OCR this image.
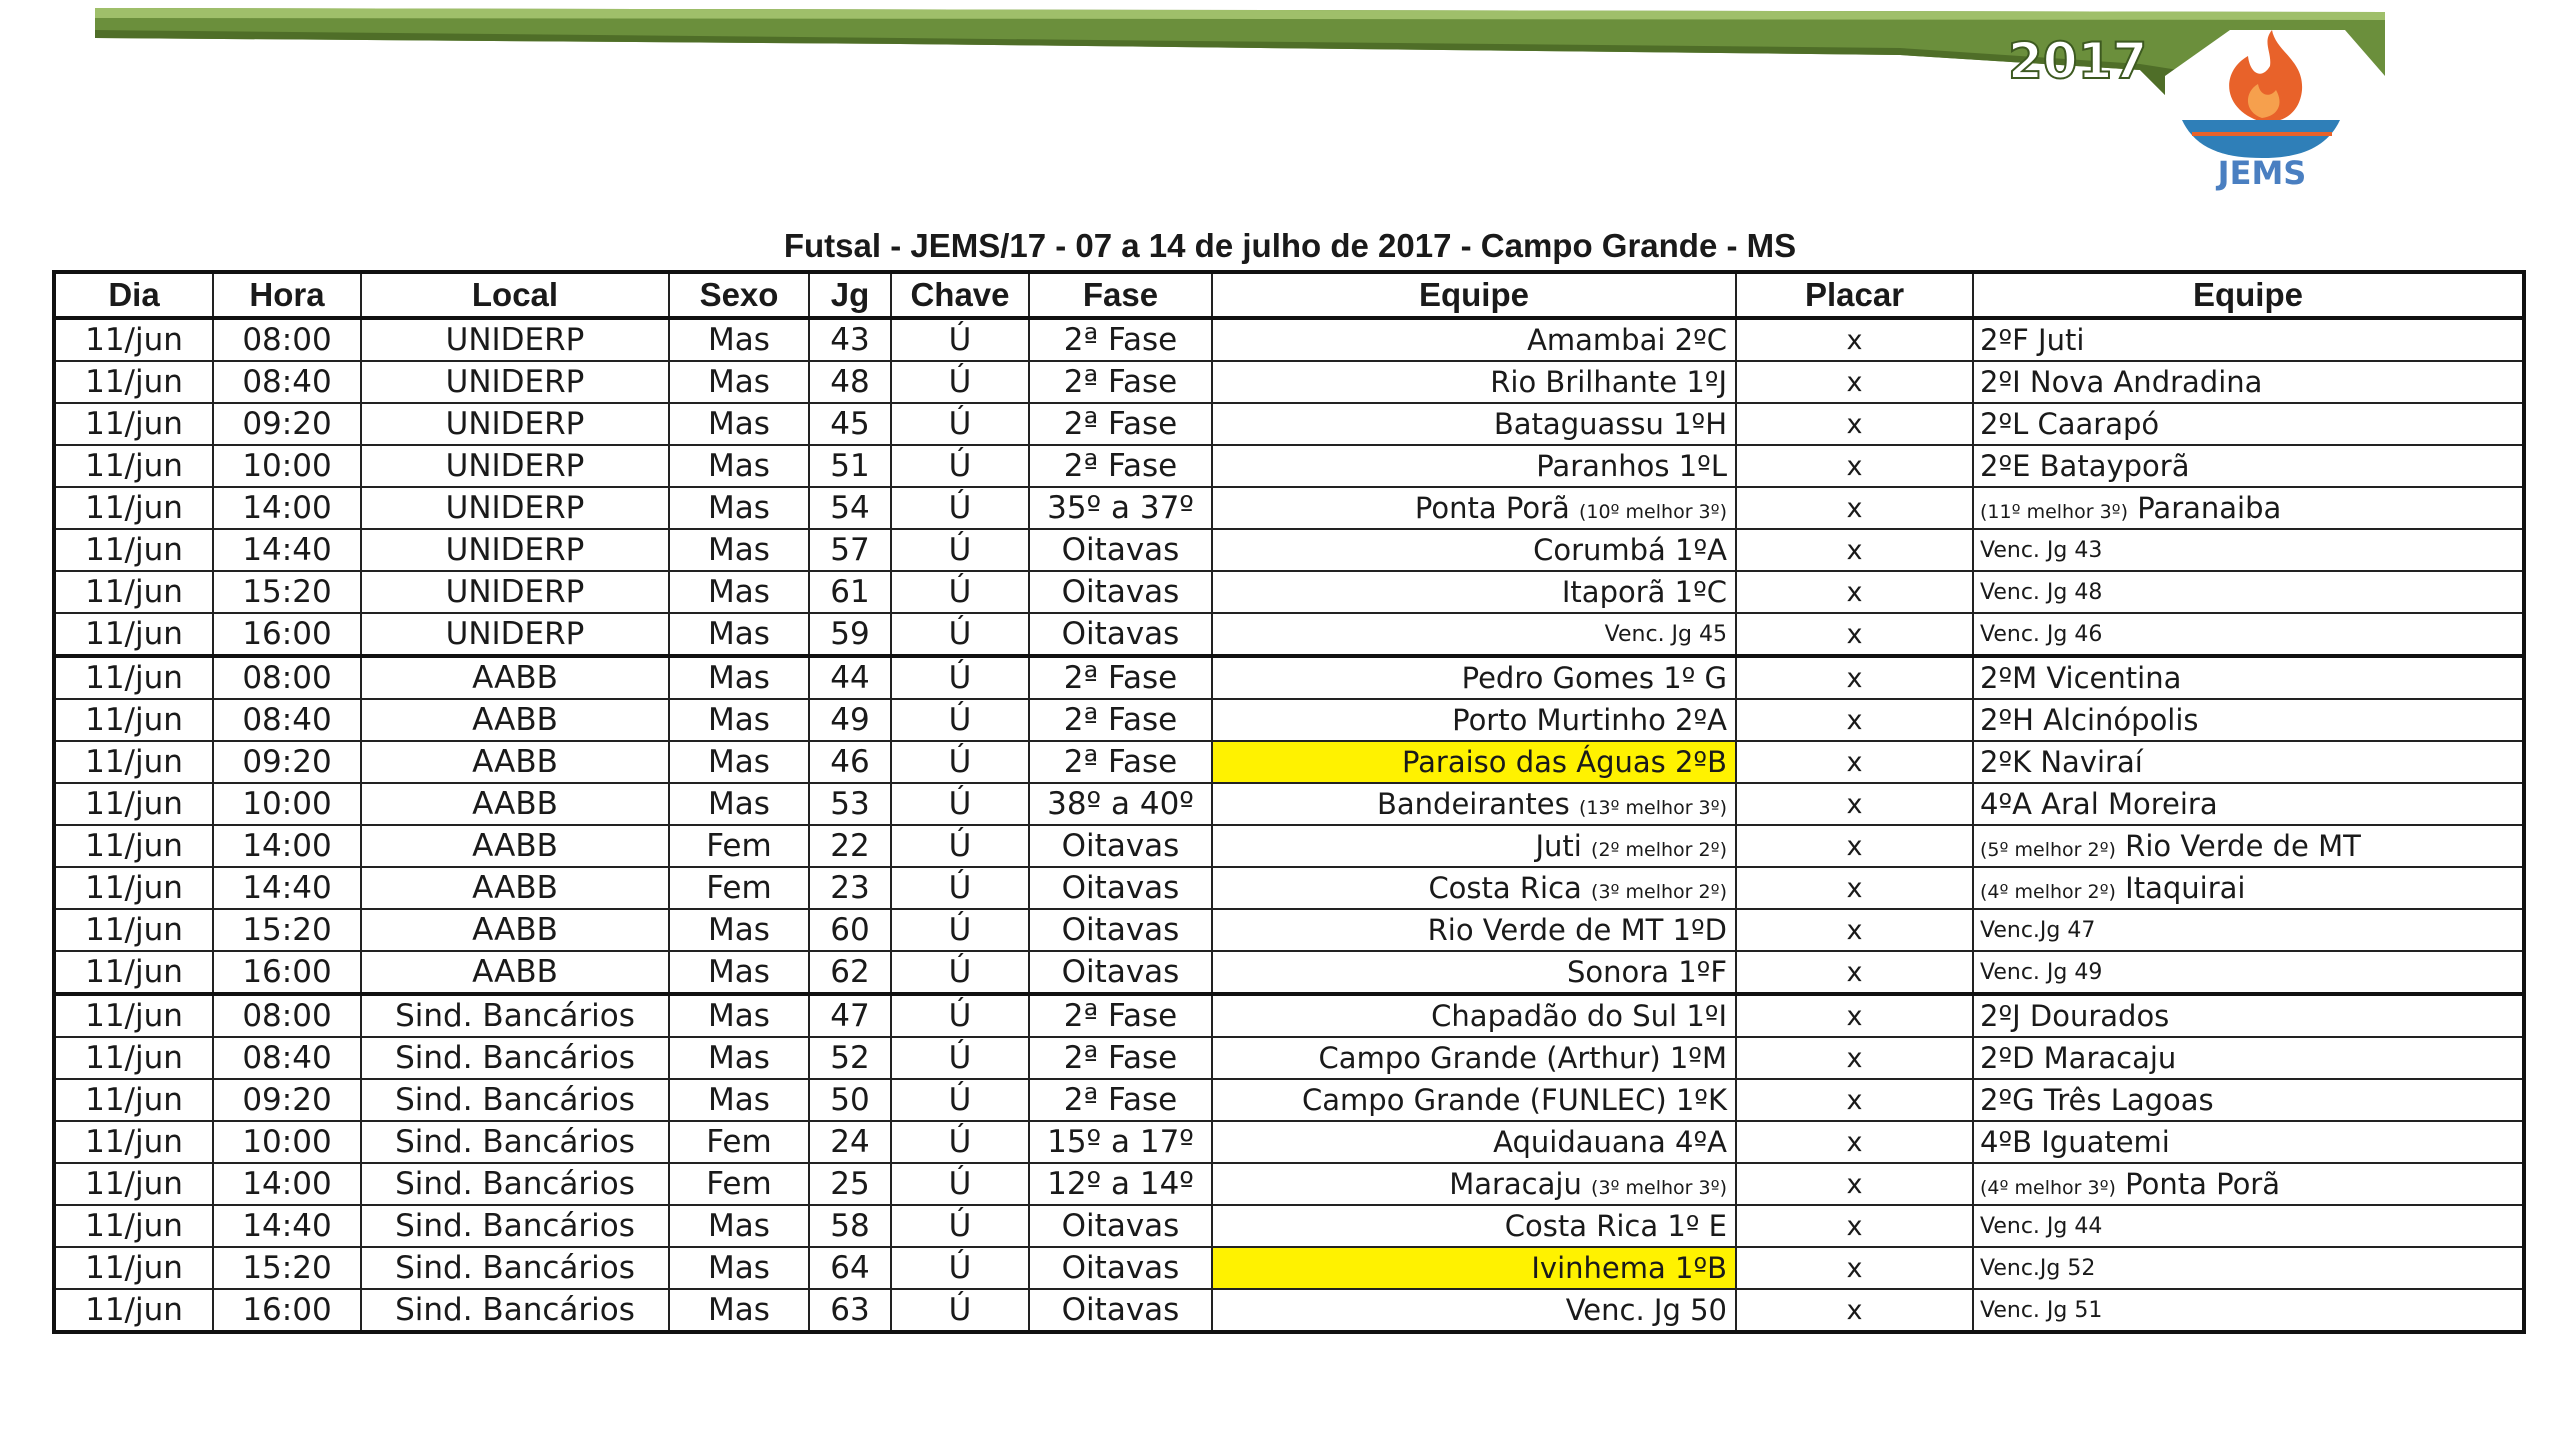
2017
JEMS
Futsal - JEMS/17 - 07 a 14 de julho de 2017 - Campo Grande - MS
Dia	Hora	Local	Sexo	Jg	Chave	Fase	Equipe	Placar	Equipe
11/jun	08:00	UNIDERP	Mas	43	Ú	2ª Fase	Amambai 2ºC	x	2ºF Juti
11/jun	08:40	UNIDERP	Mas	48	Ú	2ª Fase	Rio Brilhante 1ºJ	x	2ºI Nova Andradina
11/jun	09:20	UNIDERP	Mas	45	Ú	2ª Fase	Bataguassu 1ºH	x	2ºL Caarapó
11/jun	10:00	UNIDERP	Mas	51	Ú	2ª Fase	Paranhos 1ºL	x	2ºE Batayporã
11/jun	14:00	UNIDERP	Mas	54	Ú	35º a 37º	Ponta Porã (10º melhor 3º)	x	(11º melhor 3º) Paranaiba
11/jun	14:40	UNIDERP	Mas	57	Ú	Oitavas	Corumbá 1ºA	x	Venc. Jg 43
11/jun	15:20	UNIDERP	Mas	61	Ú	Oitavas	Itaporã 1ºC	x	Venc. Jg 48
11/jun	16:00	UNIDERP	Mas	59	Ú	Oitavas	Venc. Jg 45	x	Venc. Jg 46
11/jun	08:00	AABB	Mas	44	Ú	2ª Fase	Pedro Gomes 1º G	x	2ºM Vicentina
11/jun	08:40	AABB	Mas	49	Ú	2ª Fase	Porto Murtinho 2ºA	x	2ºH Alcinópolis
11/jun	09:20	AABB	Mas	46	Ú	2ª Fase	Paraiso das Águas 2ºB	x	2ºK Naviraí
11/jun	10:00	AABB	Mas	53	Ú	38º a 40º	Bandeirantes (13º melhor 3º)	x	4ºA Aral Moreira
11/jun	14:00	AABB	Fem	22	Ú	Oitavas	Juti (2º melhor 2º)	x	(5º melhor 2º) Rio Verde de MT
11/jun	14:40	AABB	Fem	23	Ú	Oitavas	Costa Rica (3º melhor 2º)	x	(4º melhor 2º) Itaquirai
11/jun	15:20	AABB	Mas	60	Ú	Oitavas	Rio Verde de MT 1ºD	x	Venc.Jg 47
11/jun	16:00	AABB	Mas	62	Ú	Oitavas	Sonora 1ºF	x	Venc. Jg 49
11/jun	08:00	Sind. Bancários	Mas	47	Ú	2ª Fase	Chapadão do Sul 1ºI	x	2ºJ Dourados
11/jun	08:40	Sind. Bancários	Mas	52	Ú	2ª Fase	Campo Grande (Arthur) 1ºM	x	2ºD Maracaju
11/jun	09:20	Sind. Bancários	Mas	50	Ú	2ª Fase	Campo Grande (FUNLEC) 1ºK	x	2ºG Três Lagoas
11/jun	10:00	Sind. Bancários	Fem	24	Ú	15º a 17º	Aquidauana 4ºA	x	4ºB Iguatemi
11/jun	14:00	Sind. Bancários	Fem	25	Ú	12º a 14º	Maracaju (3º melhor 3º)	x	(4º melhor 3º) Ponta Porã
11/jun	14:40	Sind. Bancários	Mas	58	Ú	Oitavas	Costa Rica 1º E	x	Venc. Jg 44
11/jun	15:20	Sind. Bancários	Mas	64	Ú	Oitavas	Ivinhema 1ºB	x	Venc.Jg 52
11/jun	16:00	Sind. Bancários	Mas	63	Ú	Oitavas	Venc. Jg 50	x	Venc. Jg 51
